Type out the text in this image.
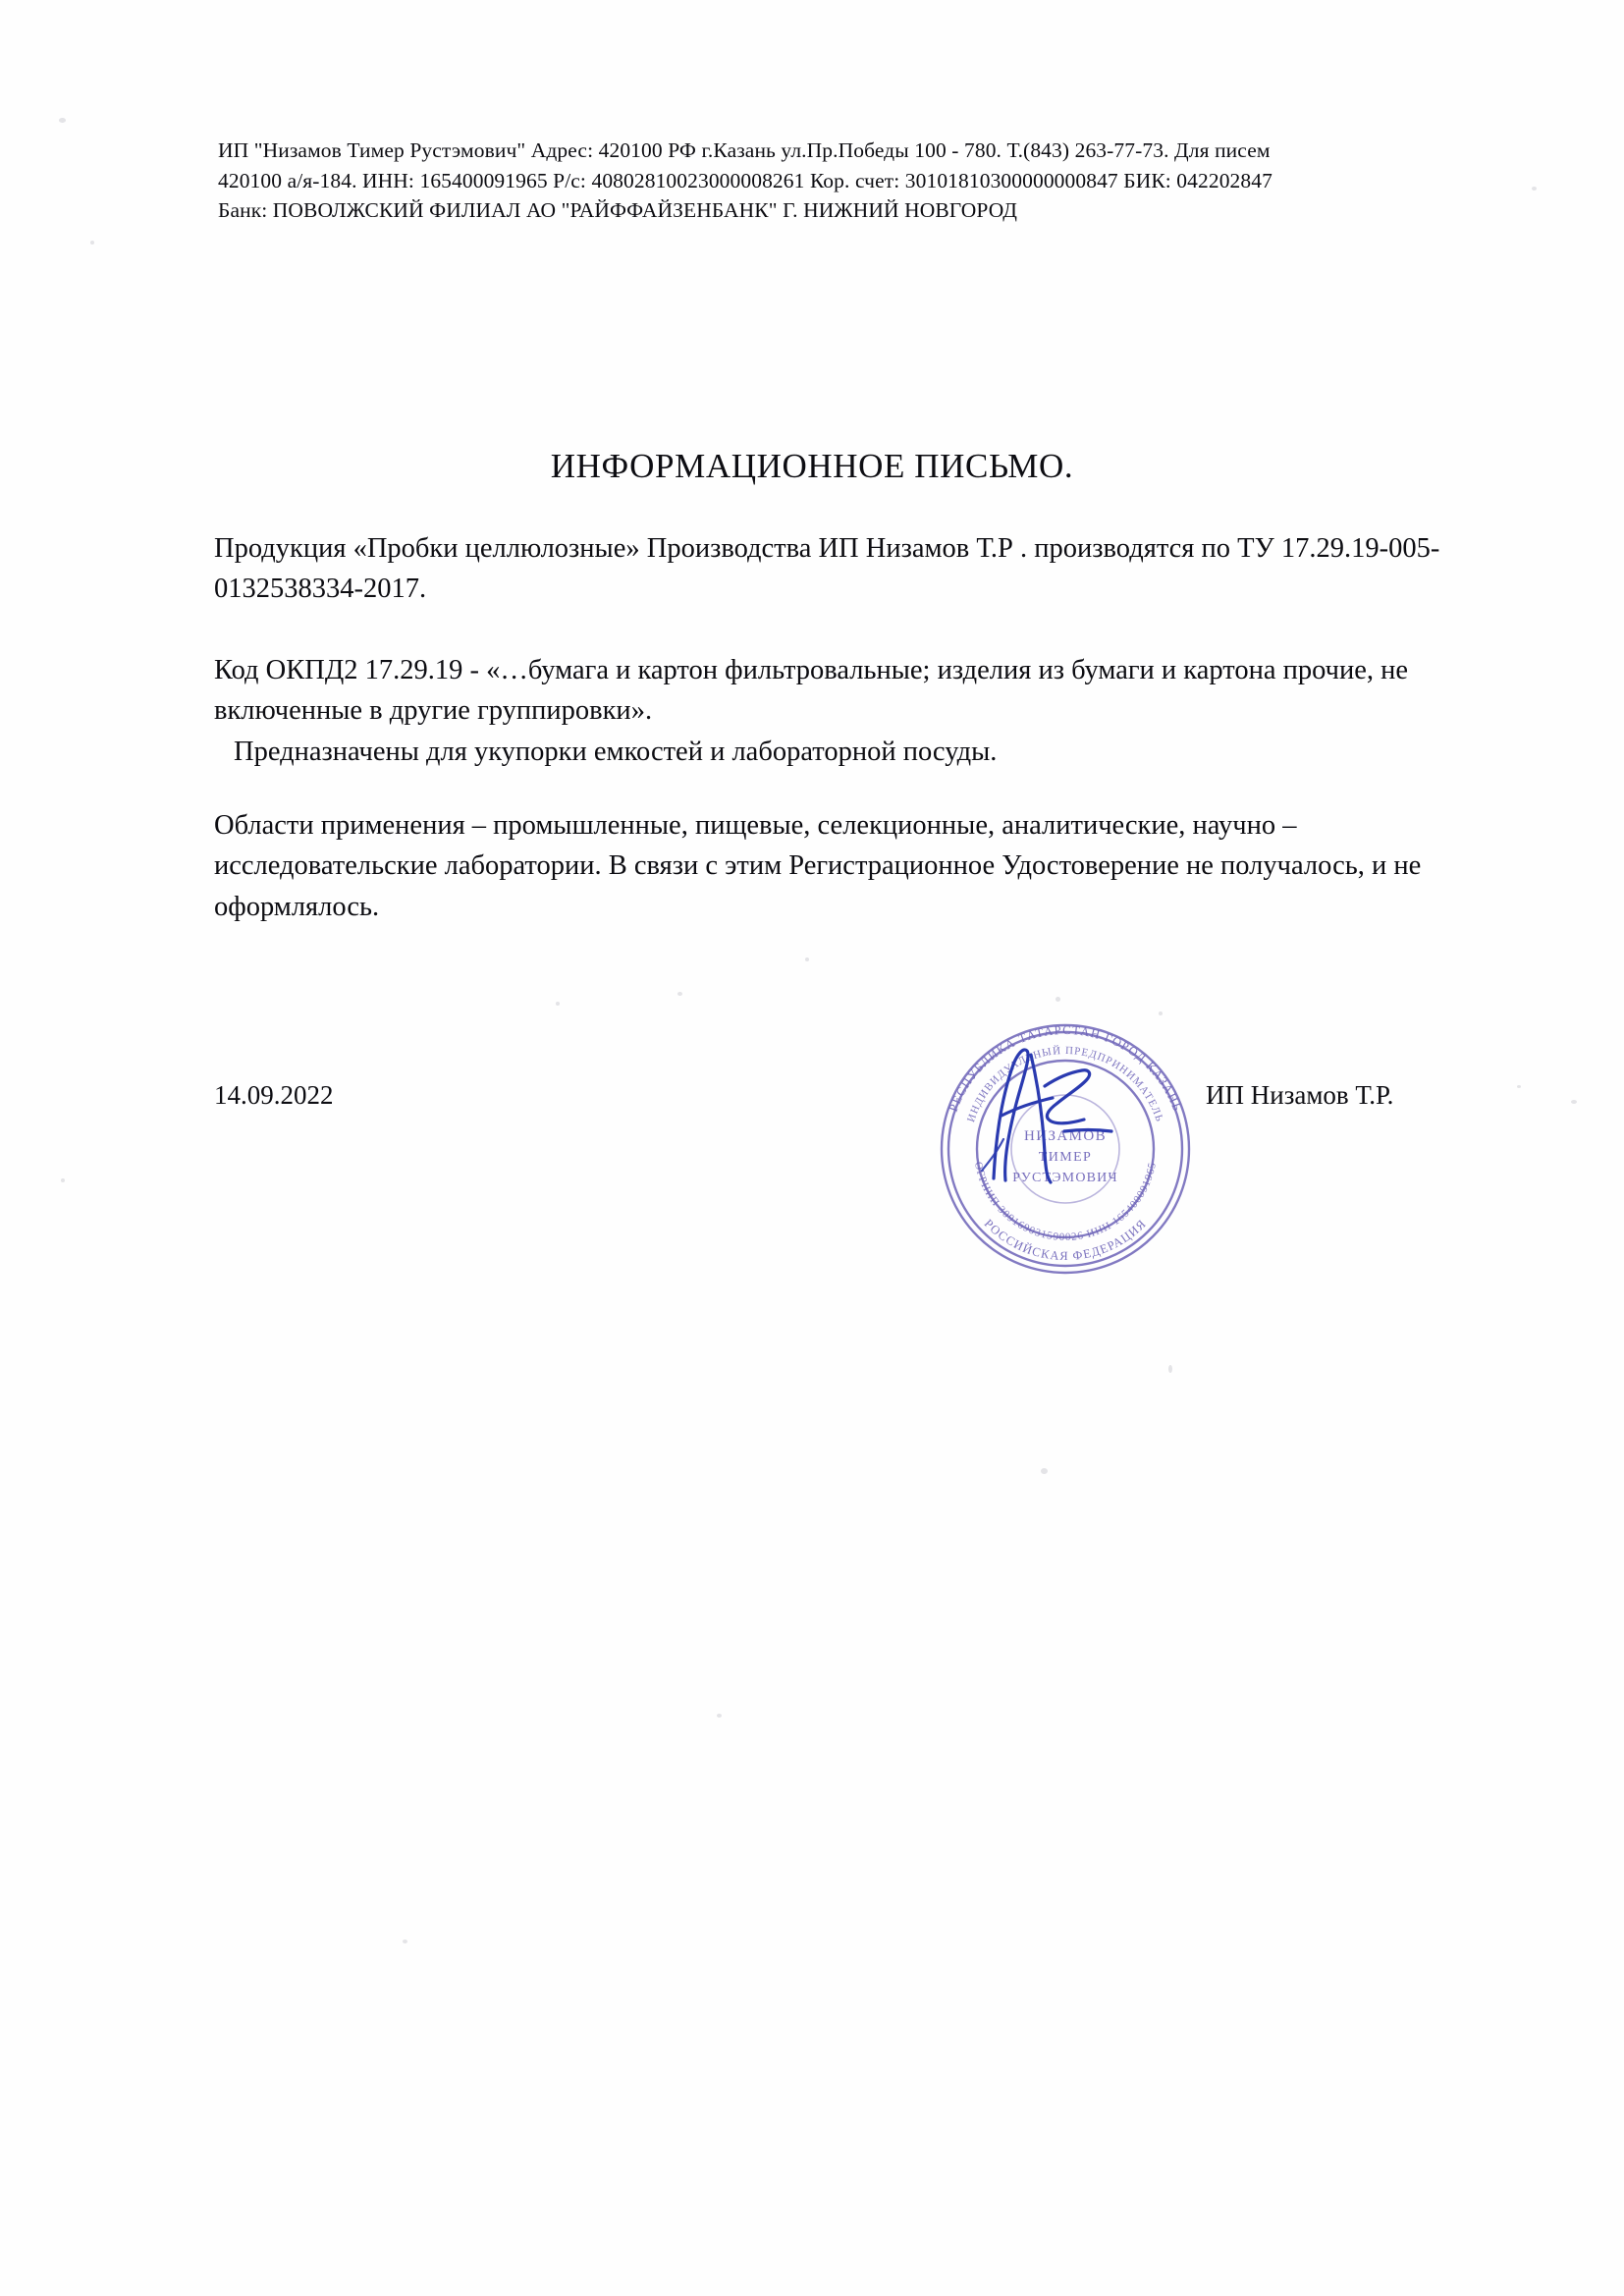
ИП "Низамов Тимер Рустэмович" Адрес: 420100 РФ г.Казань ул.Пр.Победы 100 - 780. Т.(843) 263-77-73. Для писем
420100 а/я-184. ИНН: 165400091965 Р/с: 40802810023000008261 Кор. счет: 30101810300000000847 БИК: 042202847
Банк: ПОВОЛЖСКИЙ ФИЛИАЛ АО "РАЙФФАЙЗЕНБАНК" Г. НИЖНИЙ НОВГОРОД
ИНФОРМАЦИОННОЕ ПИСЬМО.
Продукция «Пробки целлюлозные» Производства ИП Низамов Т.Р . производятся по ТУ 17.29.19-005-0132538334-2017.
Код ОКПД2 17.29.19 - «…бумага и картон фильтровальные; изделия из бумаги и картона прочие, не включенные в другие группировки».
Предназначены для укупорки емкостей и лабораторной посуды.
Области применения – промышленные, пищевые, селекционные, аналитические, научно – исследовательские лаборатории. В связи с этим Регистрационное Удостоверение не получалось, и не оформлялось.
14.09.2022	ИП Низамов Т.Р.
РЕСПУБЛИКА ТАТАРСТАН ГОРОД КАЗАНЬ
РОССИЙСКАЯ ФЕДЕРАЦИЯ
ИНДИВИДУАЛЬНЫЙ ПРЕДПРИНИМАТЕЛЬ
ОГРНИП 309169031590026 ИНН 165400091965
НИЗАМОВ
ТИМЕР
РУСТЭМОВИЧ
